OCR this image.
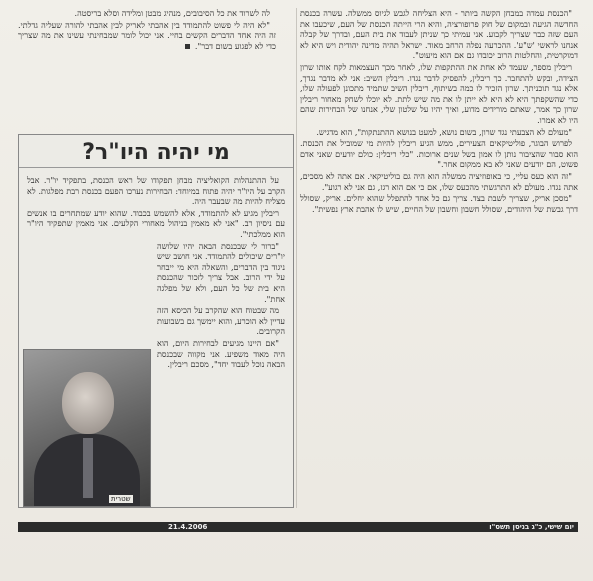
"הכנסת עמדה במבחן הקשה ביותר - היא הצליחה לגבש לגיוס ממשלה. עשרה בכנסת החדשה הגיעה ובמקום של חוק פרופורציה, והיא הרי הייתה הכנסת של העם, שיכעבו את העם שזה כבר שצריך לקבוע. אני עמיתי כך שניתן לעבוד את בית העם, ובדרך של קבלה אנחנו לראשי 'ש"ע'. ההכרעה נפלה הרחב מאוד. ישראל תהיה מדינה יהודית ויש היא לא דמוקרטית, והחלטות הרוב יכובדו גם אם הוא מיעוט".

ריבלין מספר, שעמד לא אחת את ההתקפות שלו, לאחר מכך העצמאות לקח אותו שרון הצידה, ובקש להתחבר. כך ריבלין, להפסיק לדבר נגדו. ריבלין השיב: אני לא מדבר נגדך, אלא נגד תוכניתך. שרון הזכיר לו כמה בשיתוף, ריבלין השיב שתמיד מתכונן לפעולה שלו, כדי שהשקפתך היא לא היא לא ייתן לו את מה שיש לתת. לא יוכלו לשחק מאחור ריבלין שרון כך אמר, שאתם מורידים מדוע, ואיך יהיו על שלטון שלי, אנחנו של הבחירות שהם היו לא אמרו.

"מעולם לא הצבעתי נגד שרון, בשום נושא, למעט בנושא ההתנתקות", הוא מדגיש.

לפרוש הבוגר, פוליטיקאים הצעירים, ממש הגיע ריבלין להיות מי שמוביל את הכנסת. הוא סבור שהציבור נותן לו אמון בשל שנים ארוכות. "כלי ריבלין: כולם יודעים שאני אדם פשוט, הם יודעים שאני לא בא ממקום אחר."

"זה הוא כעס עליי, כי באופוזיציה ממשלה הוא היה גם בוליטיקאי. אם אתה לא מסכים, אתה נגדו. מעולם לא התרגשתי מהכעס שלו, אם כי אם הוא רגז, גם אני לא רגוע".

"מסכן אריק, שצריך לשבת בצד. צריך גם כל אחד להתפלל שהוא יחלים. אריק, שסולל דרך גבשת של היהודים, שסולל חשבון וחשבון של החיים, שיש לו אהבת ארץ נפשית".

לה לשרוד את כל הסיבובים, מנהיג מבטן ומלידה וסלא בריסטה.

"לא היה לי פשוט להתמודד בין אהבתי לאריק לבין אהבתי להורה שעליה גדלתי. זה היה אחד הדברים הקשים בחיי. אני יכול לומר שמבחינתי עשינו את מה שצריך כדי לא לפגוע בשום דבר".

מי יהיה היו"ר?

על ההתנהלות הקואליציה מבחן תפקודו של ראש הכנסת, בתפקיד יו"ר. אבל הקרב על היו"ר יהיה פתוח במיוחד: הבחירות נערכו הפעם בכנסת רבת מפלגות. לא מצליח להיות מה שבעבר היה.

ריבלין מגיע לא להתמודד, אלא להשמש בכבוד. שהוא יודע שמתחרים בו אנשים עם ניסיון רב. "אני לא מאמין בניהול מאחורי הקלעים. אני מאמין שתפקיד היו"ר הוא ממלכתי".

"ברור לי שבכנסת הבאה יהיו שלושה יו"רים שיכולים להתמודד. אני חושב שיש ניגוד בין הדברים, והשאלה היא מי ייבחר על ידי הרוב. אבל צריך לזכור שהכנסת היא בית של כל העם, ולא של מפלגה אחת".

מה שבטוח הוא שהקרב על הכיסא הזה עדיין לא הוכרע, והוא יימשך גם בשבועות הקרובים.

"אם היינו מגיעים לבחירות היום, הוא היה מאוד משפיע. אני מקווה שבכנסת הבאה נוכל לעבוד יחד", מסכם ריבלין.

שטרית
יום שישי, כ"ג בניסן תשס"ו
21.4.2006
